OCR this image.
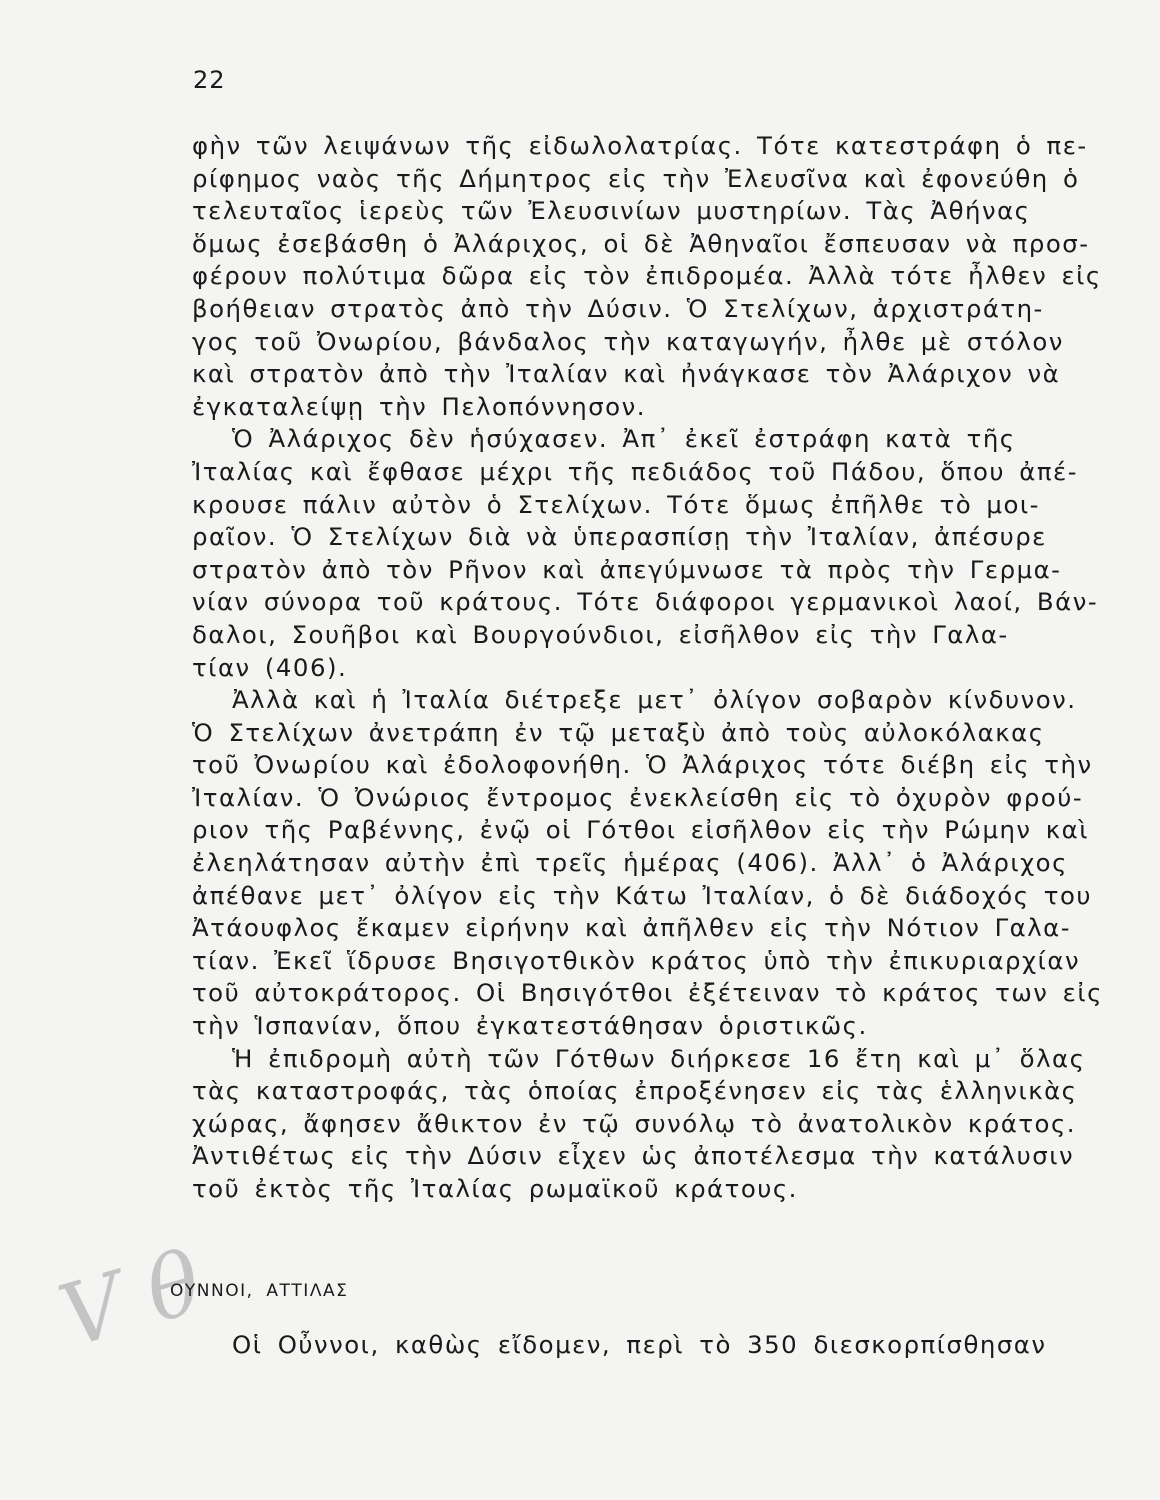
22
V θ
φὴν τῶν λειψάνων τῆς εἰδωλολατρίας. Τότε κατεστράφη ὁ πε-
ρίφημος ναὸς τῆς Δήμητρος εἰς τὴν Ἐλευσῖνα καὶ ἐφονεύθη ὁ
τελευταῖος ἱερεὺς τῶν Ἐλευσινίων μυστηρίων. Τὰς Ἀθήνας
ὅμως ἐσεβάσθη ὁ Ἀλάριχος, οἱ δὲ Ἀθηναῖοι ἔσπευσαν νὰ προσ-
φέρουν πολύτιμα δῶρα εἰς τὸν ἐπιδρομέα. Ἀλλὰ τότε ἦλθεν εἰς
βοήθειαν στρατὸς ἀπὸ τὴν Δύσιν. Ὁ Στελίχων, ἀρχιστράτη-
γος τοῦ Ὀνωρίου, βάνδαλος τὴν καταγωγήν, ἦλθε μὲ στόλον
καὶ στρατὸν ἀπὸ τὴν Ἰταλίαν καὶ ἠνάγκασε τὸν Ἀλάριχον νὰ
ἐγκαταλείψῃ τὴν Πελοπόννησον.
Ὁ Ἀλάριχος δὲν ἡσύχασεν. Ἀπ᾿ ἐκεῖ ἐστράφη κατὰ τῆς
Ἰταλίας καὶ ἔφθασε μέχρι τῆς πεδιάδος τοῦ Πάδου, ὅπου ἀπέ-
κρουσε πάλιν αὐτὸν ὁ Στελίχων. Τότε ὅμως ἐπῆλθε τὸ μοι-
ραῖον. Ὁ Στελίχων διὰ νὰ ὑπερασπίσῃ τὴν Ἰταλίαν, ἀπέσυρε
στρατὸν ἀπὸ τὸν Ρῆνον καὶ ἀπεγύμνωσε τὰ πρὸς τὴν Γερμα-
νίαν σύνορα τοῦ κράτους. Τότε διάφοροι γερμανικοὶ λαοί, Βάν-
δαλοι, Σουῆβοι καὶ Βουργούνδιοι, εἰσῆλθον εἰς τὴν Γαλα-
τίαν (406).
Ἀλλὰ καὶ ἡ Ἰταλία διέτρεξε μετ᾿ ὀλίγον σοβαρὸν κίνδυνον.
Ὁ Στελίχων ἀνετράπη ἐν τῷ μεταξὺ ἀπὸ τοὺς αὐλοκόλακας
τοῦ Ὀνωρίου καὶ ἐδολοφονήθη. Ὁ Ἀλάριχος τότε διέβη εἰς τὴν
Ἰταλίαν. Ὁ Ὀνώριος ἔντρομος ἐνεκλείσθη εἰς τὸ ὀχυρὸν φρού-
ριον τῆς Ραβέννης, ἐνῷ οἱ Γότθοι εἰσῆλθον εἰς τὴν Ρώμην καὶ
ἐλεηλάτησαν αὐτὴν ἐπὶ τρεῖς ἡμέρας (406). Ἀλλ᾿ ὁ Ἀλάριχος
ἀπέθανε μετ᾿ ὀλίγον εἰς τὴν Κάτω Ἰταλίαν, ὁ δὲ διάδοχός του
Ἀτάουφλος ἔκαμεν εἰρήνην καὶ ἀπῆλθεν εἰς τὴν Νότιον Γαλα-
τίαν. Ἐκεῖ ἵδρυσε Βησιγοτθικὸν κράτος ὑπὸ τὴν ἐπικυριαρχίαν
τοῦ αὐτοκράτορος. Οἱ Βησιγότθοι ἐξέτειναν τὸ κράτος των εἰς
τὴν Ἱσπανίαν, ὅπου ἐγκατεστάθησαν ὁριστικῶς.
Ἡ ἐπιδρομὴ αὐτὴ τῶν Γότθων διήρκεσε 16 ἔτη καὶ μ᾿ ὅλας
τὰς καταστροφάς, τὰς ὁποίας ἐπροξένησεν εἰς τὰς ἑλληνικὰς
χώρας, ἄφησεν ἄθικτον ἐν τῷ συνόλῳ τὸ ἀνατολικὸν κράτος.
Ἀντιθέτως εἰς τὴν Δύσιν εἶχεν ὡς ἀποτέλεσμα τὴν κατάλυσιν
τοῦ ἐκτὸς τῆς Ἰταλίας ρωμαϊκοῦ κράτους.
ΟΥΝΝΟΙ, ΑΤΤΙΛΑΣ
Οἱ Οὖννοι, καθὼς εἴδομεν, περὶ τὸ 350 διεσκορπίσθησαν
